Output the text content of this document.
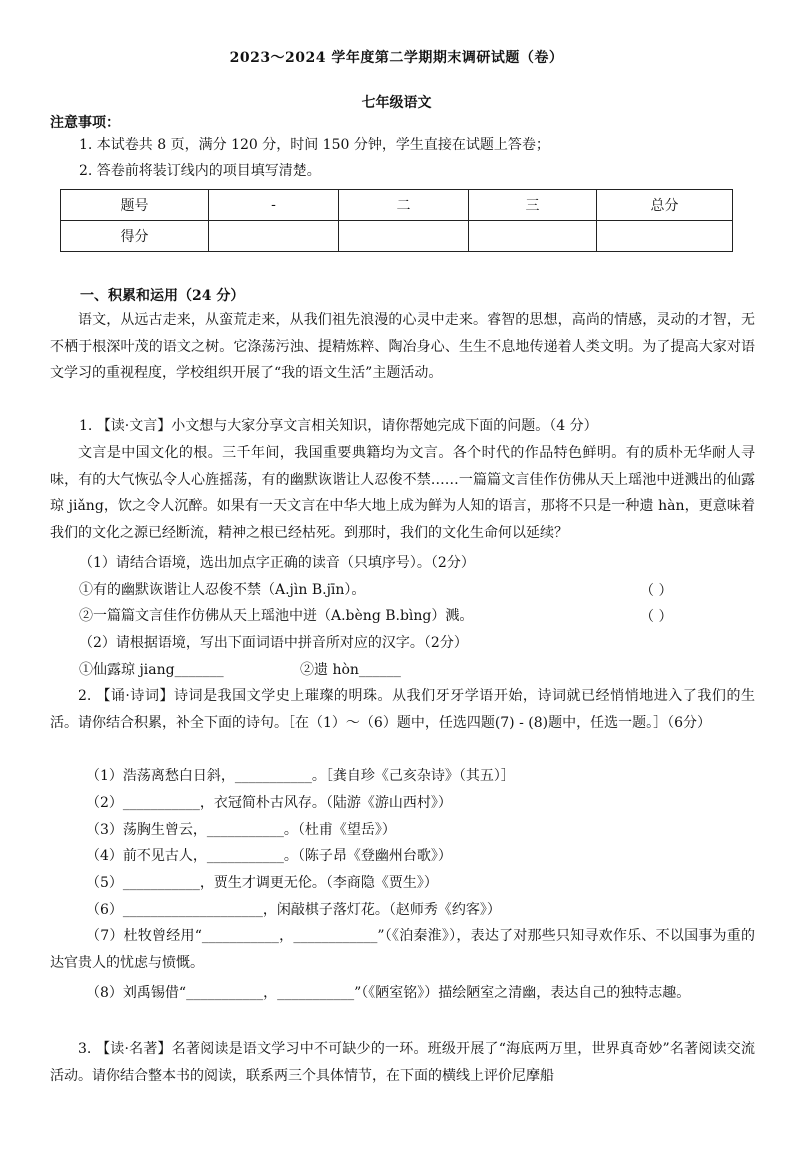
2023～2024 学年度第二学期期末调研试题（卷）
七年级语文
注意事项：
1. 本试卷共 8 页，满分 120 分，时间 150 分钟，学生直接在试题上答卷；
2. 答卷前将装订线内的项目填写清楚。
题号	-	二	三	总分
得分				
一、积累和运用（24 分）
语文，从远古走来，从蛮荒走来，从我们祖先浪漫的心灵中走来。睿智的思想，高尚的情感，灵动的才智，无不栖于根深叶茂的语文之树。它涤荡污浊、提精炼粹、陶冶身心、生生不息地传递着人类文明。为了提高大家对语文学习的重视程度，学校组织开展了“我的语文生活”主题活动。
1. 【读·文言】小文想与大家分享文言相关知识，请你帮她完成下面的问题。（4 分）
文言是中国文化的根。三千年间，我国重要典籍均为文言。各个时代的作品特色鲜明。有的质朴无华耐人寻味，有的大气恢弘令人心旌摇荡，有的幽默诙谐让人忍俊不禁……一篇篇文言佳作仿佛从天上瑶池中迸溅出的仙露琼 jiǎng，饮之令人沉醉。如果有一天文言在中华大地上成为鲜为人知的语言，那将不只是一种遗 hàn，更意味着我们的文化之源已经断流，精神之根已经枯死。到那时，我们的文化生命何以延续？
（1）请结合语境，选出加点字正确的读音（只填序号）。（2分）
①有的幽默诙谐让人忍俊不禁（A.jìn B.jīn）。	（ ）
②一篇篇文言佳作仿佛从天上瑶池中迸（A.bèng B.bìng）溅。	（ ）
（2）请根据语境，写出下面词语中拼音所对应的汉字。（2分）
①仙露琼 jiang_______	②遗 hòn______
2. 【诵·诗词】诗词是我国文学史上璀璨的明珠。从我们牙牙学语开始，诗词就已经悄悄地进入了我们的生活。请你结合积累，补全下面的诗句。［在（1）～（6）题中，任选四题(7) - (8)题中，任选一题。］（6分）
（1）浩荡离愁白日斜，___________。［龚自珍《己亥杂诗》（其五）］
（2）___________，衣冠简朴古风存。（陆游《游山西村》）
（3）荡胸生曾云，___________。（杜甫《望岳》）
（4）前不见古人，___________。（陈子昂《登幽州台歌》）
（5）___________，贾生才调更无伦。（李商隐《贾生》）
（6）____________________，闲敲棋子落灯花。（赵师秀《约客》）
（7）杜牧曾经用“___________，____________”（《泊秦淮》），表达了对那些只知寻欢作乐、不以国事为重的达官贵人的忧虑与愤慨。
（8）刘禹锡借“___________，___________”（《陋室铭》）描绘陋室之清幽，表达自己的独特志趣。
3. 【读·名著】名著阅读是语文学习中不可缺少的一环。班级开展了“海底两万里，世界真奇妙”名著阅读交流活动。请你结合整本书的阅读，联系两三个具体情节，在下面的横线上评价尼摩船
